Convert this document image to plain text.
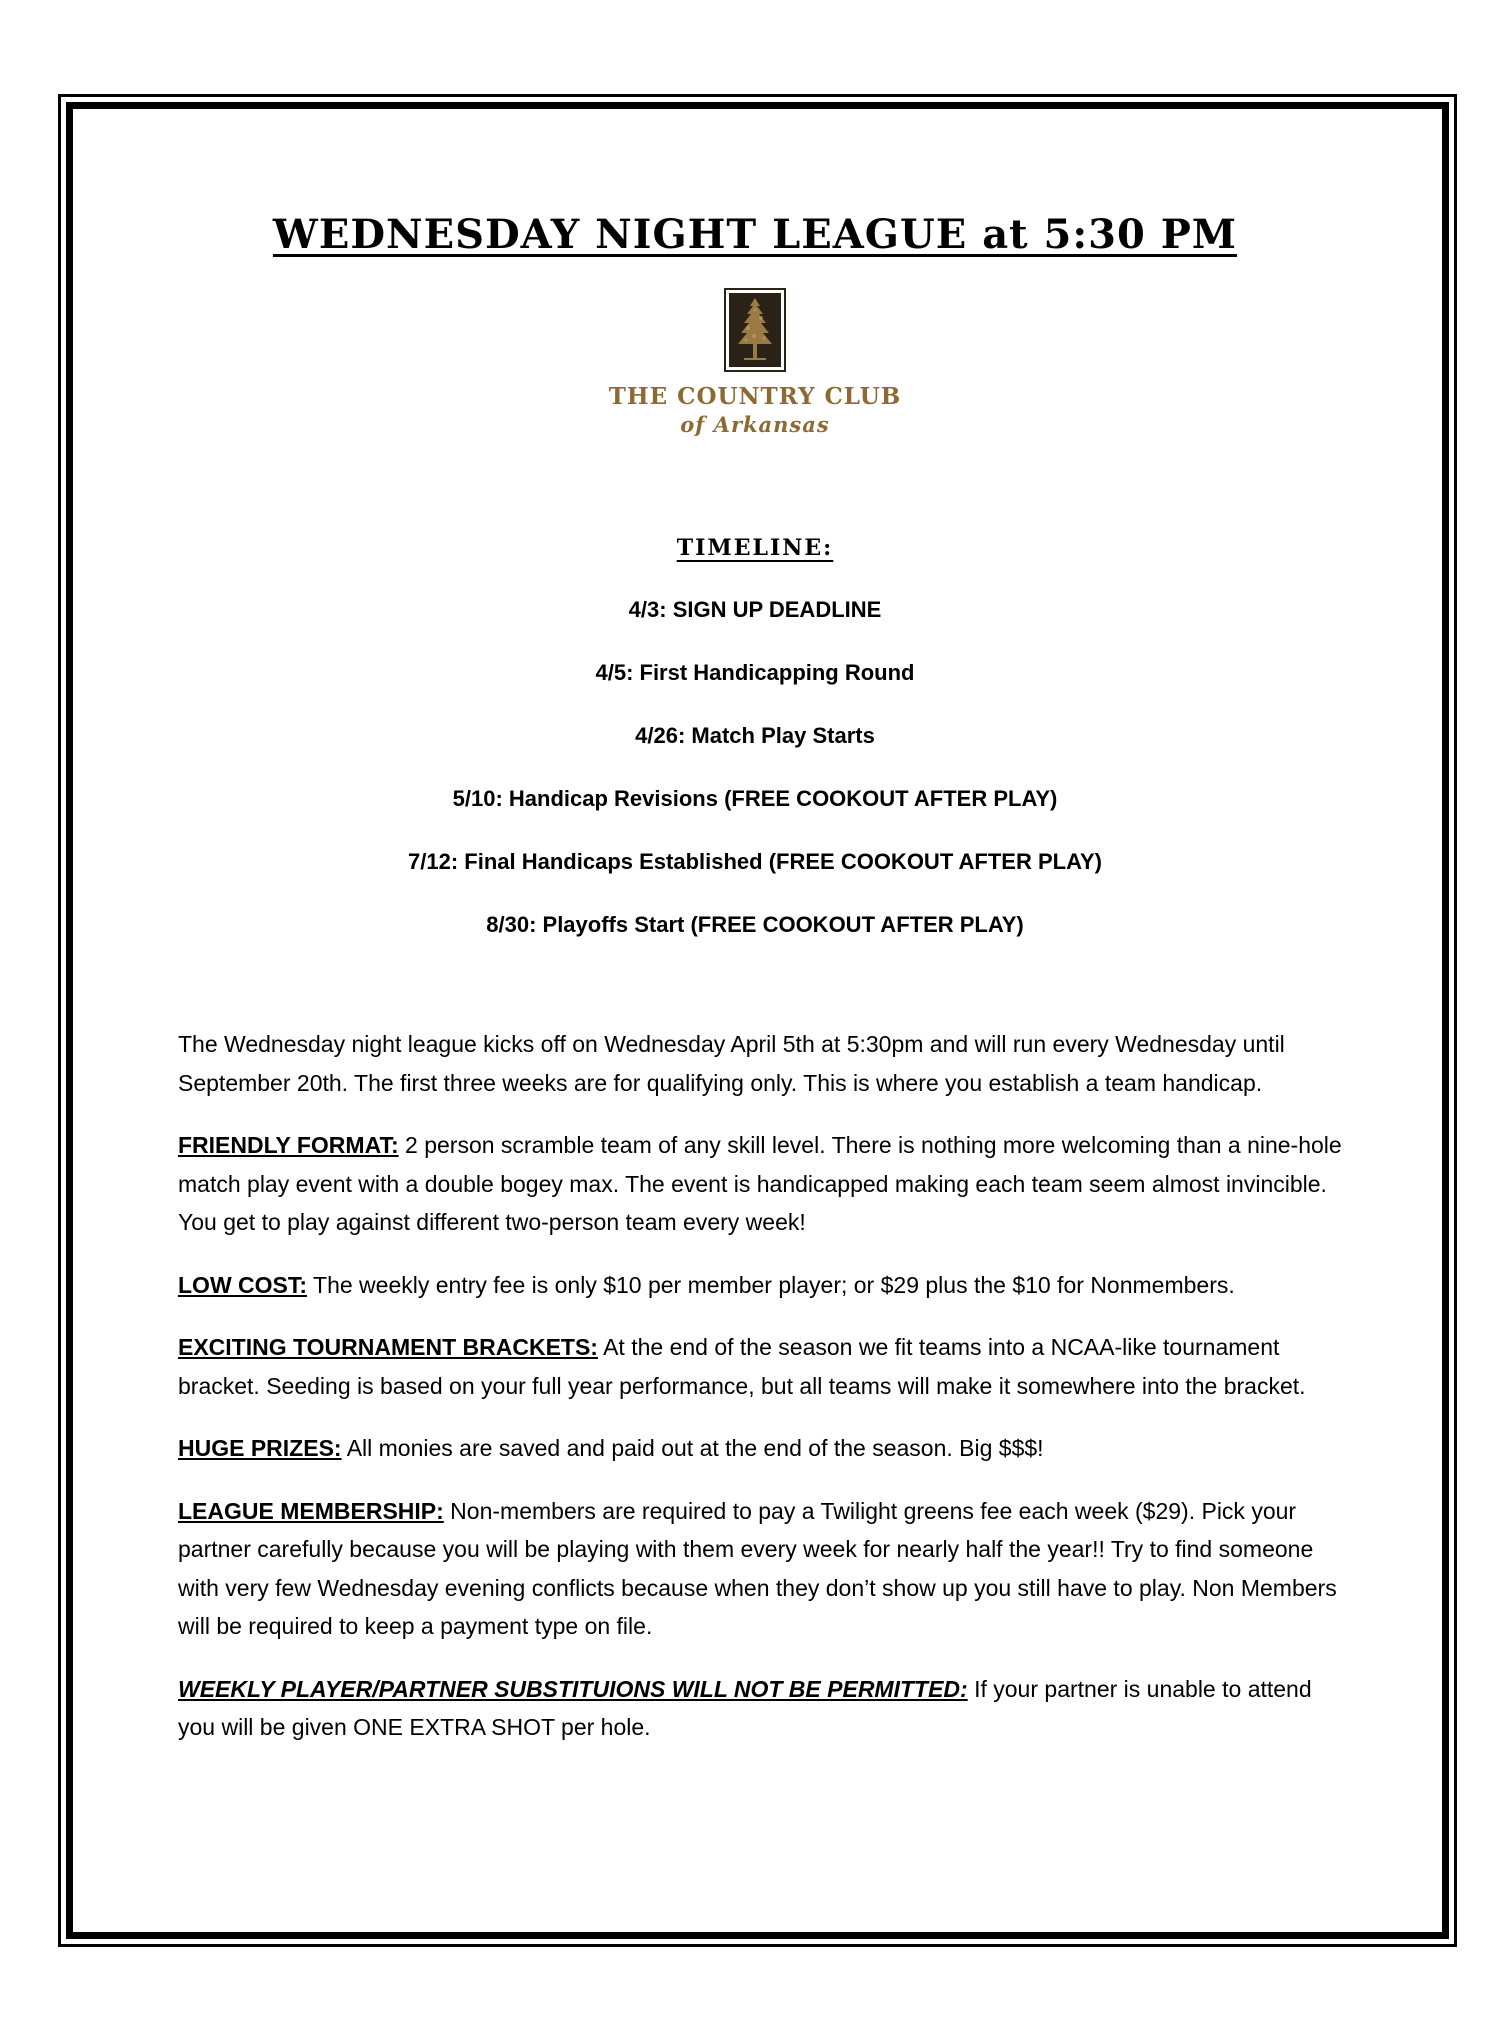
WEDNESDAY NIGHT LEAGUE at 5:30 PM
THE COUNTRY CLUB
of Arkansas
TIMELINE:
4/3: SIGN UP DEADLINE
4/5: First Handicapping Round
4/26: Match Play Starts
5/10: Handicap Revisions (FREE COOKOUT AFTER PLAY)
7/12: Final Handicaps Established (FREE COOKOUT AFTER PLAY)
8/30: Playoffs Start (FREE COOKOUT AFTER PLAY)

The Wednesday night league kicks off on Wednesday April 5th at 5:30pm and will run every Wednesday until September 20th. The first three weeks are for qualifying only. This is where you establish a team handicap.

FRIENDLY FORMAT: 2 person scramble team of any skill level. There is nothing more welcoming than a nine-hole match play event with a double bogey max. The event is handicapped making each team seem almost invincible. You get to play against different two-person team every week!

LOW COST: The weekly entry fee is only $10 per member player; or $29 plus the $10 for Nonmembers.

EXCITING TOURNAMENT BRACKETS: At the end of the season we fit teams into a NCAA-like tournament bracket. Seeding is based on your full year performance, but all teams will make it somewhere into the bracket.

HUGE PRIZES: All monies are saved and paid out at the end of the season. Big $$$!

LEAGUE MEMBERSHIP: Non-members are required to pay a Twilight greens fee each week ($29). Pick your partner carefully because you will be playing with them every week for nearly half the year!! Try to find someone with very few Wednesday evening conflicts because when they don’t show up you still have to play. Non Members will be required to keep a payment type on file.

WEEKLY PLAYER/PARTNER SUBSTITUIONS WILL NOT BE PERMITTED: If your partner is unable to attend you will be given ONE EXTRA SHOT per hole.
